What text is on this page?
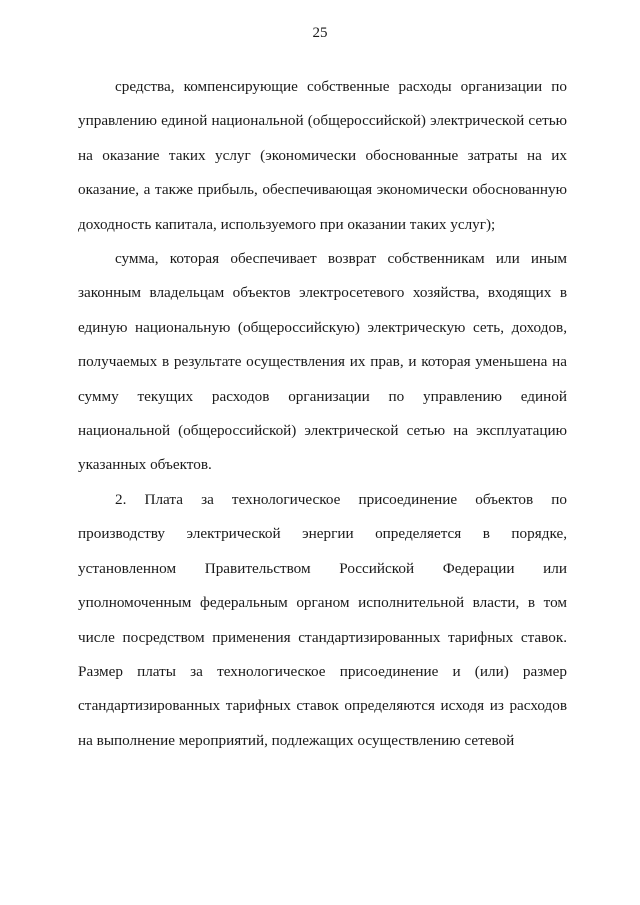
25

средства, компенсирующие собственные расходы организации по управлению единой национальной (общероссийской) электрической сетью на оказание таких услуг (экономически обоснованные затраты на их оказание, а также прибыль, обеспечивающая экономически обоснованную доходность капитала, используемого при оказании таких услуг);

сумма, которая обеспечивает возврат собственникам или иным законным владельцам объектов электросетевого хозяйства, входящих в единую национальную (общероссийскую) электрическую сеть, доходов, получаемых в результате осуществления их прав, и которая уменьшена на сумму текущих расходов организации по управлению единой национальной (общероссийской) электрической сетью на эксплуатацию указанных объектов.

2. Плата за технологическое присоединение объектов по производству электрической энергии определяется в порядке, установленном Правительством Российской Федерации или уполномоченным федеральным органом исполнительной власти, в том числе посредством применения стандартизированных тарифных ставок. Размер платы за технологическое присоединение и (или) размер стандартизированных тарифных ставок определяются исходя из расходов на выполнение мероприятий, подлежащих осуществлению сетевой
